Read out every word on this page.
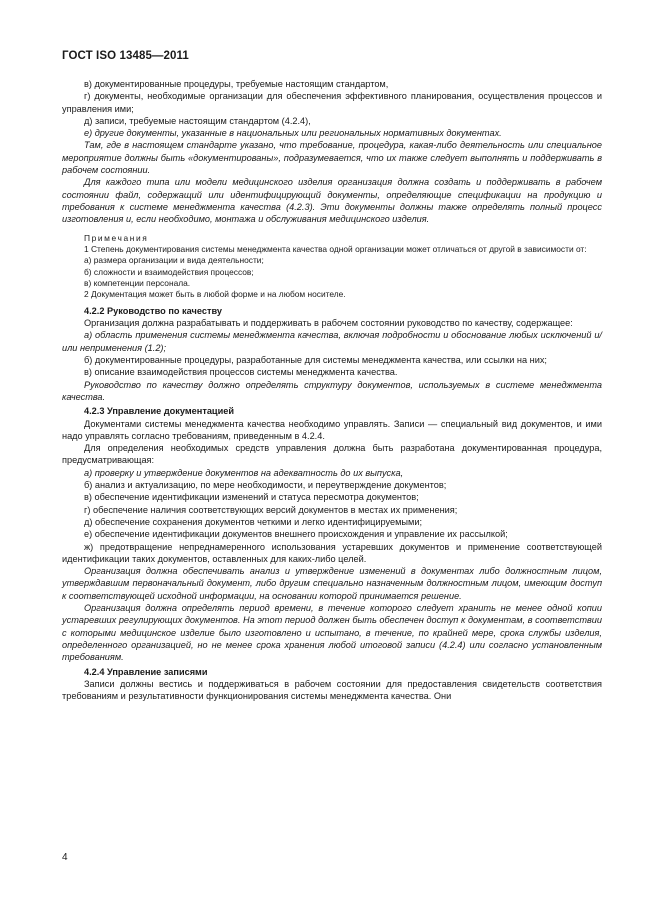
ГОСТ ISO 13485—2011

в) документированные процедуры, требуемые настоящим стандартом,

г) документы, необходимые организации для обеспечения эффективного планирования, осуществления процессов и управления ими;

д) записи, требуемые настоящим стандартом (4.2.4),

е) другие документы, указанные в национальных или региональных нормативных документах.

Там, где в настоящем стандарте указано, что требование, процедура, какая-либо деятельность или специальное мероприятие должны быть «документированы», подразумевается, что их также следует выполнять и поддерживать в рабочем состоянии.

Для каждого типа или модели медицинского изделия организация должна создать и поддерживать в рабочем состоянии файл, содержащий или идентифицирующий документы, определяющие спецификации на продукцию и требования к системе менеджмента качества (4.2.3). Эти документы должны также определять полный процесс изготовления и, если необходимо, монтажа и обслуживания медицинского изделия.

Примечания

1 Степень документирования системы менеджмента качества одной организации может отличаться от другой в зависимости от:

а) размера организации и вида деятельности;

б) сложности и взаимодействия процессов;

в) компетенции персонала.

2 Документация может быть в любой форме и на любом носителе.

4.2.2 Руководство по качеству

Организация должна разрабатывать и поддерживать в рабочем состоянии руководство по качеству, содержащее:

а) область применения системы менеджмента качества, включая подробности и обоснование любых исключений и/или неприменения (1.2);

б) документированные процедуры, разработанные для системы менеджмента качества, или ссылки на них;

в) описание взаимодействия процессов системы менеджмента качества.

Руководство по качеству должно определять структуру документов, используемых в системе менеджмента качества.

4.2.3 Управление документацией

Документами системы менеджмента качества необходимо управлять. Записи — специальный вид документов, и ими надо управлять согласно требованиям, приведенным в 4.2.4.

Для определения необходимых средств управления должна быть разработана документированная процедура, предусматривающая:

а) проверку и утверждение документов на адекватность до их выпуска,

б) анализ и актуализацию, по мере необходимости, и переутверждение документов;

в) обеспечение идентификации изменений и статуса пересмотра документов;

г) обеспечение наличия соответствующих версий документов в местах их применения;

д) обеспечение сохранения документов четкими и легко идентифицируемыми;

е) обеспечение идентификации документов внешнего происхождения и управление их рассылкой;

ж) предотвращение непреднамеренного использования устаревших документов и применение соответствующей идентификации таких документов, оставленных для каких-либо целей.

Организация должна обеспечивать анализ и утверждение изменений в документах либо должностным лицом, утверждавшим первоначальный документ, либо другим специально назначенным должностным лицом, имеющим доступ к соответствующей исходной информации, на основании которой принимается решение.

Организация должна определять период времени, в течение которого следует хранить не менее одной копии устаревших регулирующих документов. На этот период должен быть обеспечен доступ к документам, в соответствии с которыми медицинское изделие было изготовлено и испытано, в течение, по крайней мере, срока службы изделия, определенного организацией, но не менее срока хранения любой итоговой записи (4.2.4) или согласно установленным требованиям.

4.2.4 Управление записями

Записи должны вестись и поддерживаться в рабочем состоянии для предоставления свидетельств соответствия требованиям и результативности функционирования системы менеджмента качества. Они

4
